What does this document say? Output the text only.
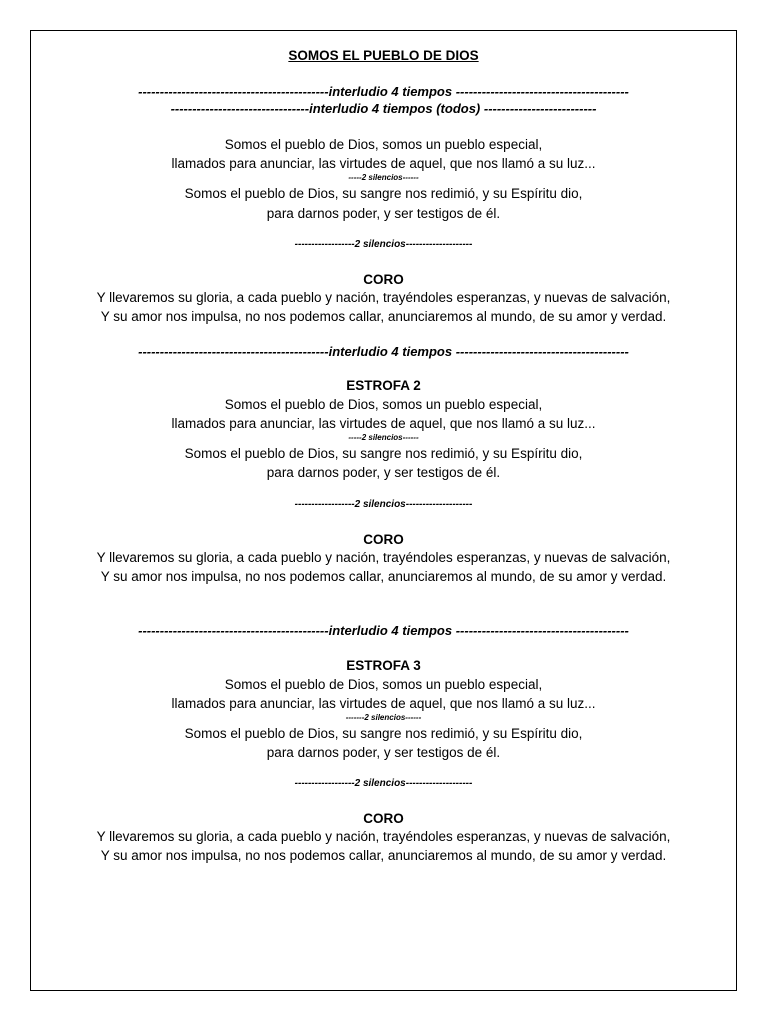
SOMOS EL PUEBLO DE DIOS
--------------------------------------------interludio 4 tiempos ----------------------------------------
--------------------------------interludio 4 tiempos (todos) --------------------------
Somos el pueblo de Dios, somos un pueblo especial,
llamados para anunciar, las virtudes de aquel, que nos llamó a su luz...
-----2 silencios------
Somos el pueblo de Dios, su sangre nos redimió, y su Espíritu dio,
para darnos poder, y ser testigos de él.
------------------2 silencios--------------------
CORO
Y llevaremos su gloria, a cada pueblo y nación, trayéndoles esperanzas, y nuevas de salvación,
Y su amor nos impulsa, no nos podemos callar, anunciaremos al mundo, de su amor y verdad.
--------------------------------------------interludio 4 tiempos ----------------------------------------
ESTROFA 2
Somos el pueblo de Dios, somos un pueblo especial,
llamados para anunciar, las virtudes de aquel, que nos llamó a su luz...
-----2 silencios------
Somos el pueblo de Dios, su sangre nos redimió, y su Espíritu dio,
para darnos poder, y ser testigos de él.
------------------2 silencios--------------------
CORO
Y llevaremos su gloria, a cada pueblo y nación, trayéndoles esperanzas, y nuevas de salvación,
Y su amor nos impulsa, no nos podemos callar, anunciaremos al mundo, de su amor y verdad.
--------------------------------------------interludio 4 tiempos ----------------------------------------
ESTROFA 3
Somos el pueblo de Dios, somos un pueblo especial,
llamados para anunciar, las virtudes de aquel, que nos llamó a su luz...
-------2 silencios------
Somos el pueblo de Dios, su sangre nos redimió, y su Espíritu dio,
para darnos poder, y ser testigos de él.
------------------2 silencios--------------------
CORO
Y llevaremos su gloria, a cada pueblo y nación, trayéndoles esperanzas, y nuevas de salvación,
Y su amor nos impulsa, no nos podemos callar, anunciaremos al mundo, de su amor y verdad.
